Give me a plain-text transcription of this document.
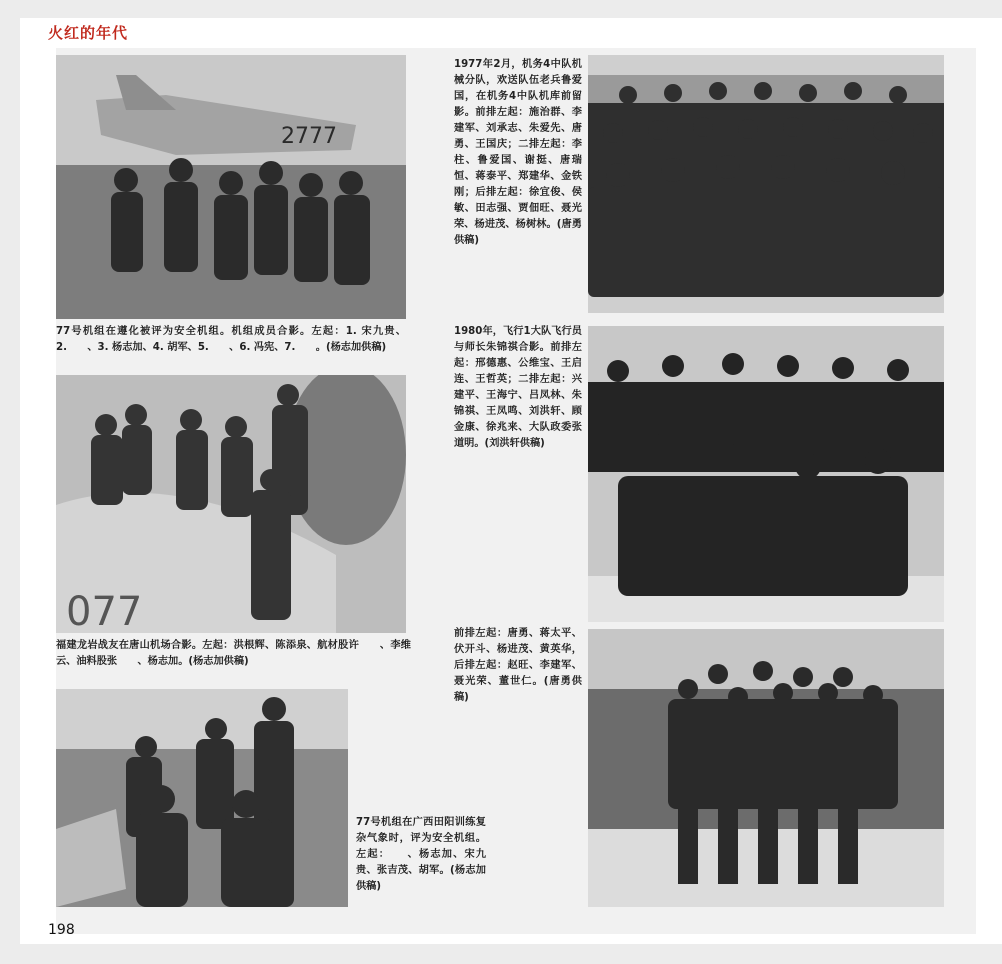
火红的年代
2777
77号机组在遵化被评为安全机组。机组成员合影。左起：1. 宋九贵、2.　　、3. 杨志加、4. 胡军、5.　　、6. 冯宪、7.　　。(杨志加供稿)
077
福建龙岩战友在唐山机场合影。左起：洪根辉、陈添泉、航材股许　　、李维云、油料股张　　、杨志加。(杨志加供稿)
77号机组在广西田阳训练复杂气象时，评为安全机组。左起：　　、杨志加、宋九贵、张吉茂、胡军。(杨志加供稿)
1977年2月，机务4中队机械分队，欢送队伍老兵鲁爱国，在机务4中队机库前留影。前排左起：施治群、李建军、刘承志、朱爱先、唐勇、王国庆；二排左起：李柱、鲁爱国、谢挺、唐瑞恒、蒋泰平、郑建华、金铁刚；后排左起：徐宜俊、侯敏、田志强、贾佃旺、聂光荣、杨进茂、杨树林。(唐勇供稿)
1980年，飞行1大队飞行员与师长朱锦祺合影。前排左起：邢德惠、公维宝、王启连、王哲英；二排左起：兴建平、王海宁、吕凤林、朱锦祺、王凤鸣、刘洪轩、顾金康、徐兆来、大队政委张道明。(刘洪轩供稿)
前排左起：唐勇、蒋太平、伏开斗、杨进茂、黄英华，后排左起：赵旺、李建军、聂光荣、董世仁。(唐勇供稿)
198
